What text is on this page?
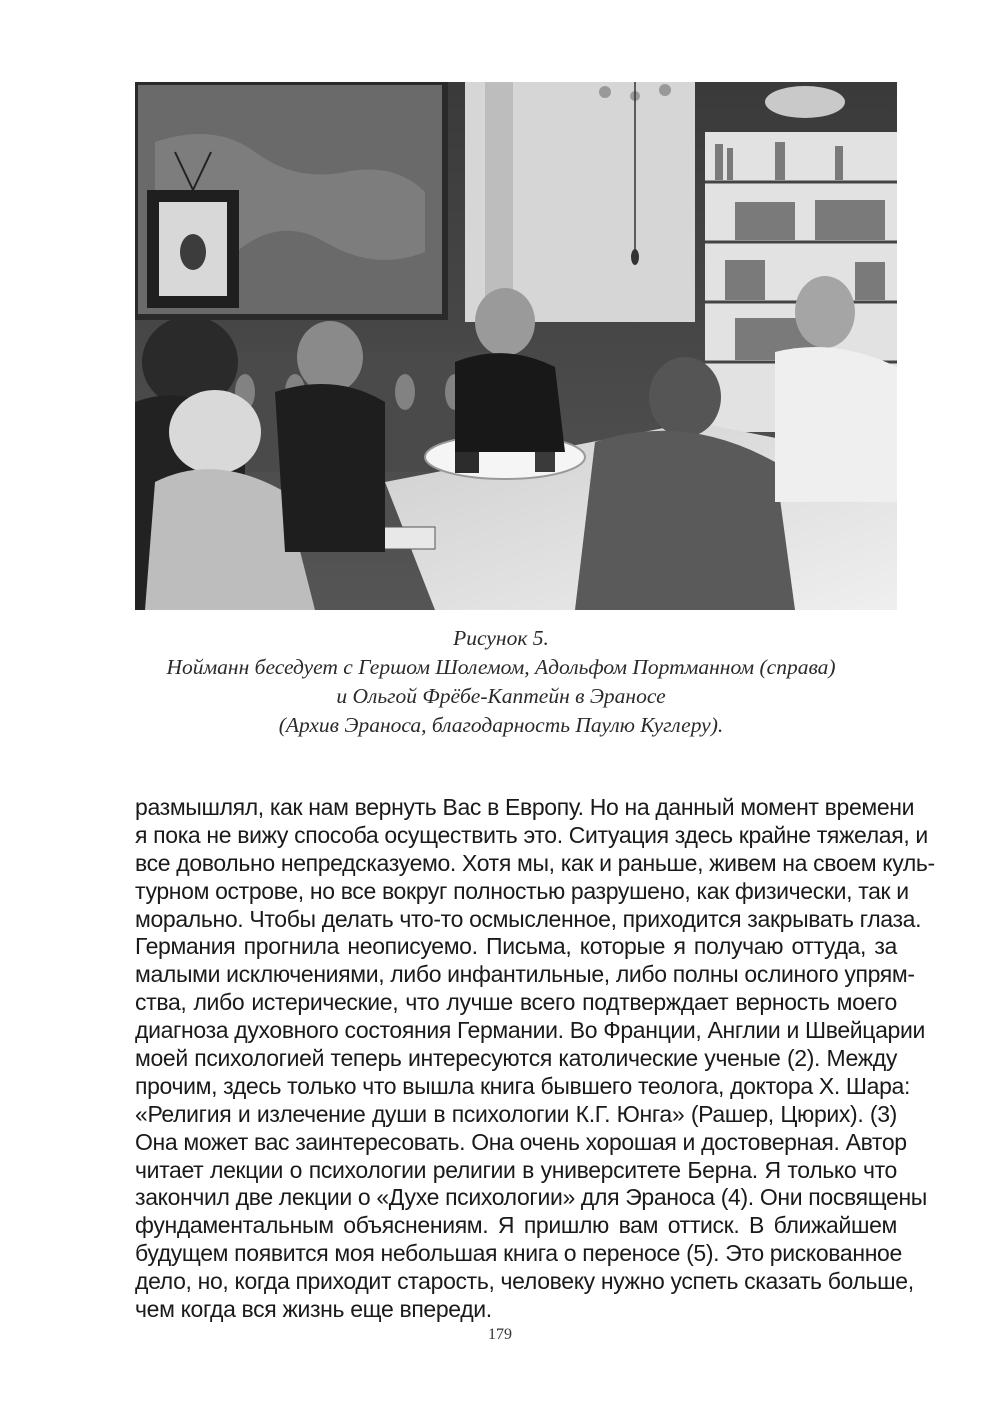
Рисунок 5.
Нойманн беседует с Гершом Шолемом, Адольфом Портманном (справа)
и Ольгой Фрёбе-Каптейн в Эраносе
(Архив Эраноса, благодарность Паулю Куглеру).
размышлял, как нам вернуть Вас в Европу. Но на данный момент времени
я пока не вижу способа осуществить это. Ситуация здесь крайне тяжелая, и
все довольно непредсказуемо. Хотя мы, как и раньше, живем на своем куль-
турном острове, но все вокруг полностью разрушено, как физически, так и
морально. Чтобы делать что-то осмысленное, приходится закрывать глаза.
Германия прогнила неописуемо. Письма, которые я получаю оттуда, за
малыми исключениями, либо инфантильные, либо полны ослиного упрям-
ства, либо истерические, что лучше всего подтверждает верность моего
диагноза духовного состояния Германии. Во Франции, Англии и Швейцарии
моей психологией теперь интересуются католические ученые (2). Между
прочим, здесь только что вышла книга бывшего теолога, доктора Х. Шара:
«Религия и излечение души в психологии К.Г. Юнга» (Рашер, Цюрих). (3)
Она может вас заинтересовать. Она очень хорошая и достоверная. Автор
читает лекции о психологии религии в университете Берна. Я только что
закончил две лекции о «Духе психологии» для Эраноса (4). Они посвящены
фундаментальным объяснениям. Я пришлю вам оттиск. В ближайшем
будущем появится моя небольшая книга о переносе (5). Это рискованное
дело, но, когда приходит старость, человеку нужно успеть сказать больше,
чем когда вся жизнь еще впереди.
179
